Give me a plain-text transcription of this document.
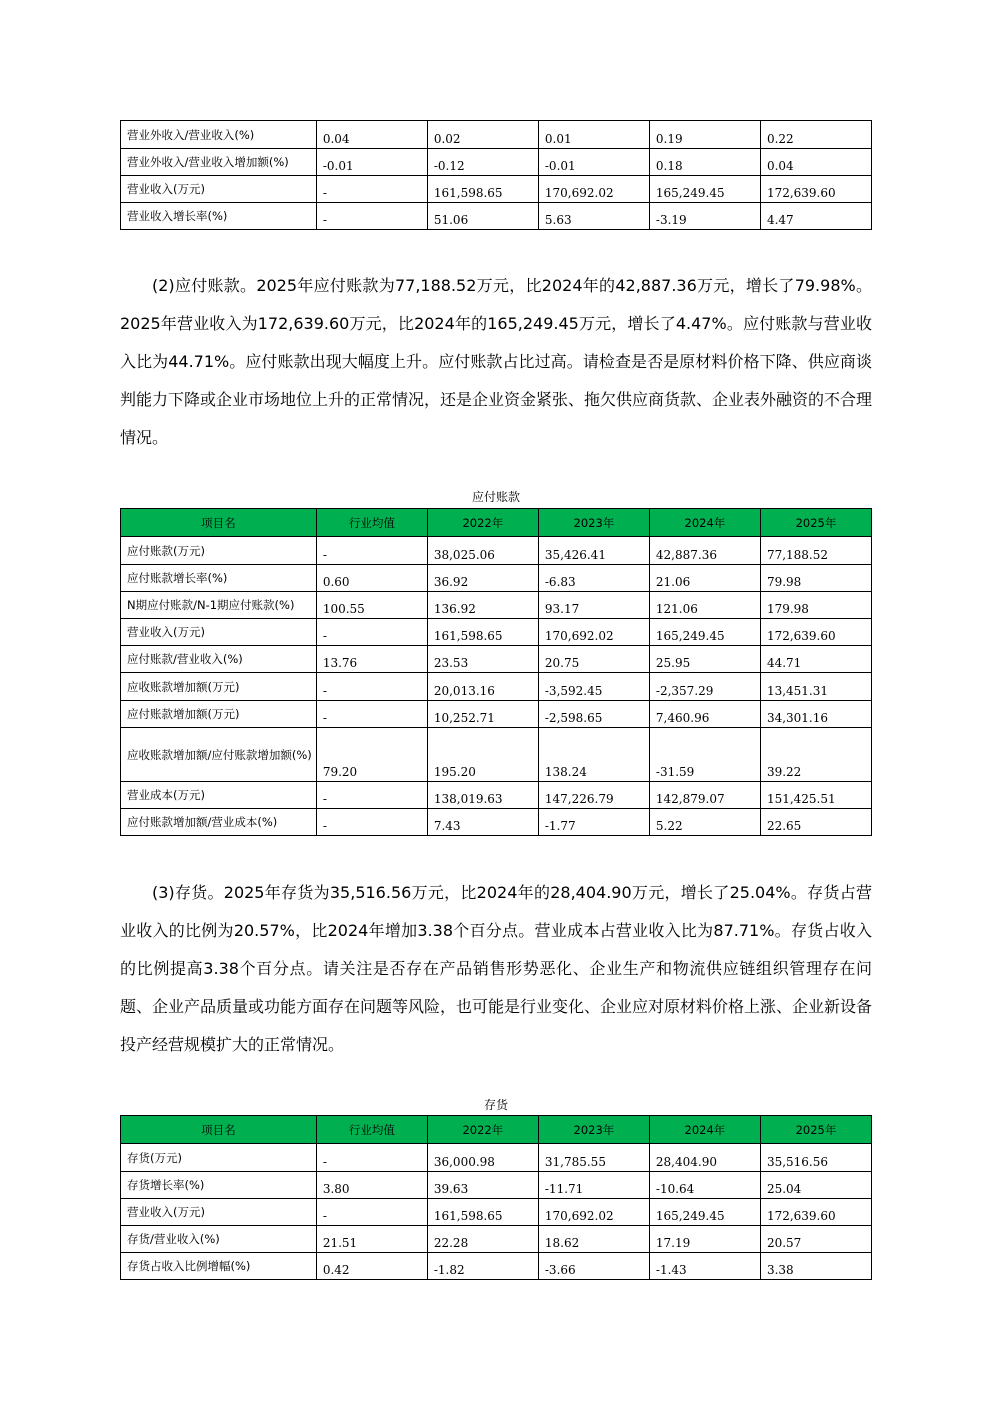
营业外收入/营业收入(%)	0.04	0.02	0.01	0.19	0.22
营业外收入/营业收入增加额(%)	-0.01	-0.12	-0.01	0.18	0.04
营业收入(万元)	-	161,598.65	170,692.02	165,249.45	172,639.60
营业收入增长率(%)	-	51.06	5.63	-3.19	4.47

(2)应付账款。2025年应付账款为77,188.52万元，比2024年的42,887.36万元，增长了79.98%。2025年营业收入为172,639.60万元，比2024年的165,249.45万元，增长了4.47%。应付账款与营业收入比为44.71%。应付账款出现大幅度上升。应付账款占比过高。请检查是否是原材料价格下降、供应商谈判能力下降或企业市场地位上升的正常情况，还是企业资金紧张、拖欠供应商货款、企业表外融资的不合理情况。

应付账款
项目名	行业均值	2022年	2023年	2024年	2025年
应付账款(万元)	-	38,025.06	35,426.41	42,887.36	77,188.52
应付账款增长率(%)	0.60	36.92	-6.83	21.06	79.98
N期应付账款/N-1期应付账款(%)	100.55	136.92	93.17	121.06	179.98
营业收入(万元)	-	161,598.65	170,692.02	165,249.45	172,639.60
应付账款/营业收入(%)	13.76	23.53	20.75	25.95	44.71
应收账款增加额(万元)	-	20,013.16	-3,592.45	-2,357.29	13,451.31
应付账款增加额(万元)	-	10,252.71	-2,598.65	7,460.96	34,301.16
应收账款增加额/应付账款增加额(%)	79.20	195.20	138.24	-31.59	39.22
营业成本(万元)	-	138,019.63	147,226.79	142,879.07	151,425.51
应付账款增加额/营业成本(%)	-	7.43	-1.77	5.22	22.65

(3)存货。2025年存货为35,516.56万元，比2024年的28,404.90万元，增长了25.04%。存货占营业收入的比例为20.57%，比2024年增加3.38个百分点。营业成本占营业收入比为87.71%。存货占收入的比例提高3.38个百分点。请关注是否存在产品销售形势恶化、企业生产和物流供应链组织管理存在问题、企业产品质量或功能方面存在问题等风险，也可能是行业变化、企业应对原材料价格上涨、企业新设备投产经营规模扩大的正常情况。

存货
项目名	行业均值	2022年	2023年	2024年	2025年
存货(万元)	-	36,000.98	31,785.55	28,404.90	35,516.56
存货增长率(%)	3.80	39.63	-11.71	-10.64	25.04
营业收入(万元)	-	161,598.65	170,692.02	165,249.45	172,639.60
存货/营业收入(%)	21.51	22.28	18.62	17.19	20.57
存货占收入比例增幅(%)	0.42	-1.82	-3.66	-1.43	3.38
